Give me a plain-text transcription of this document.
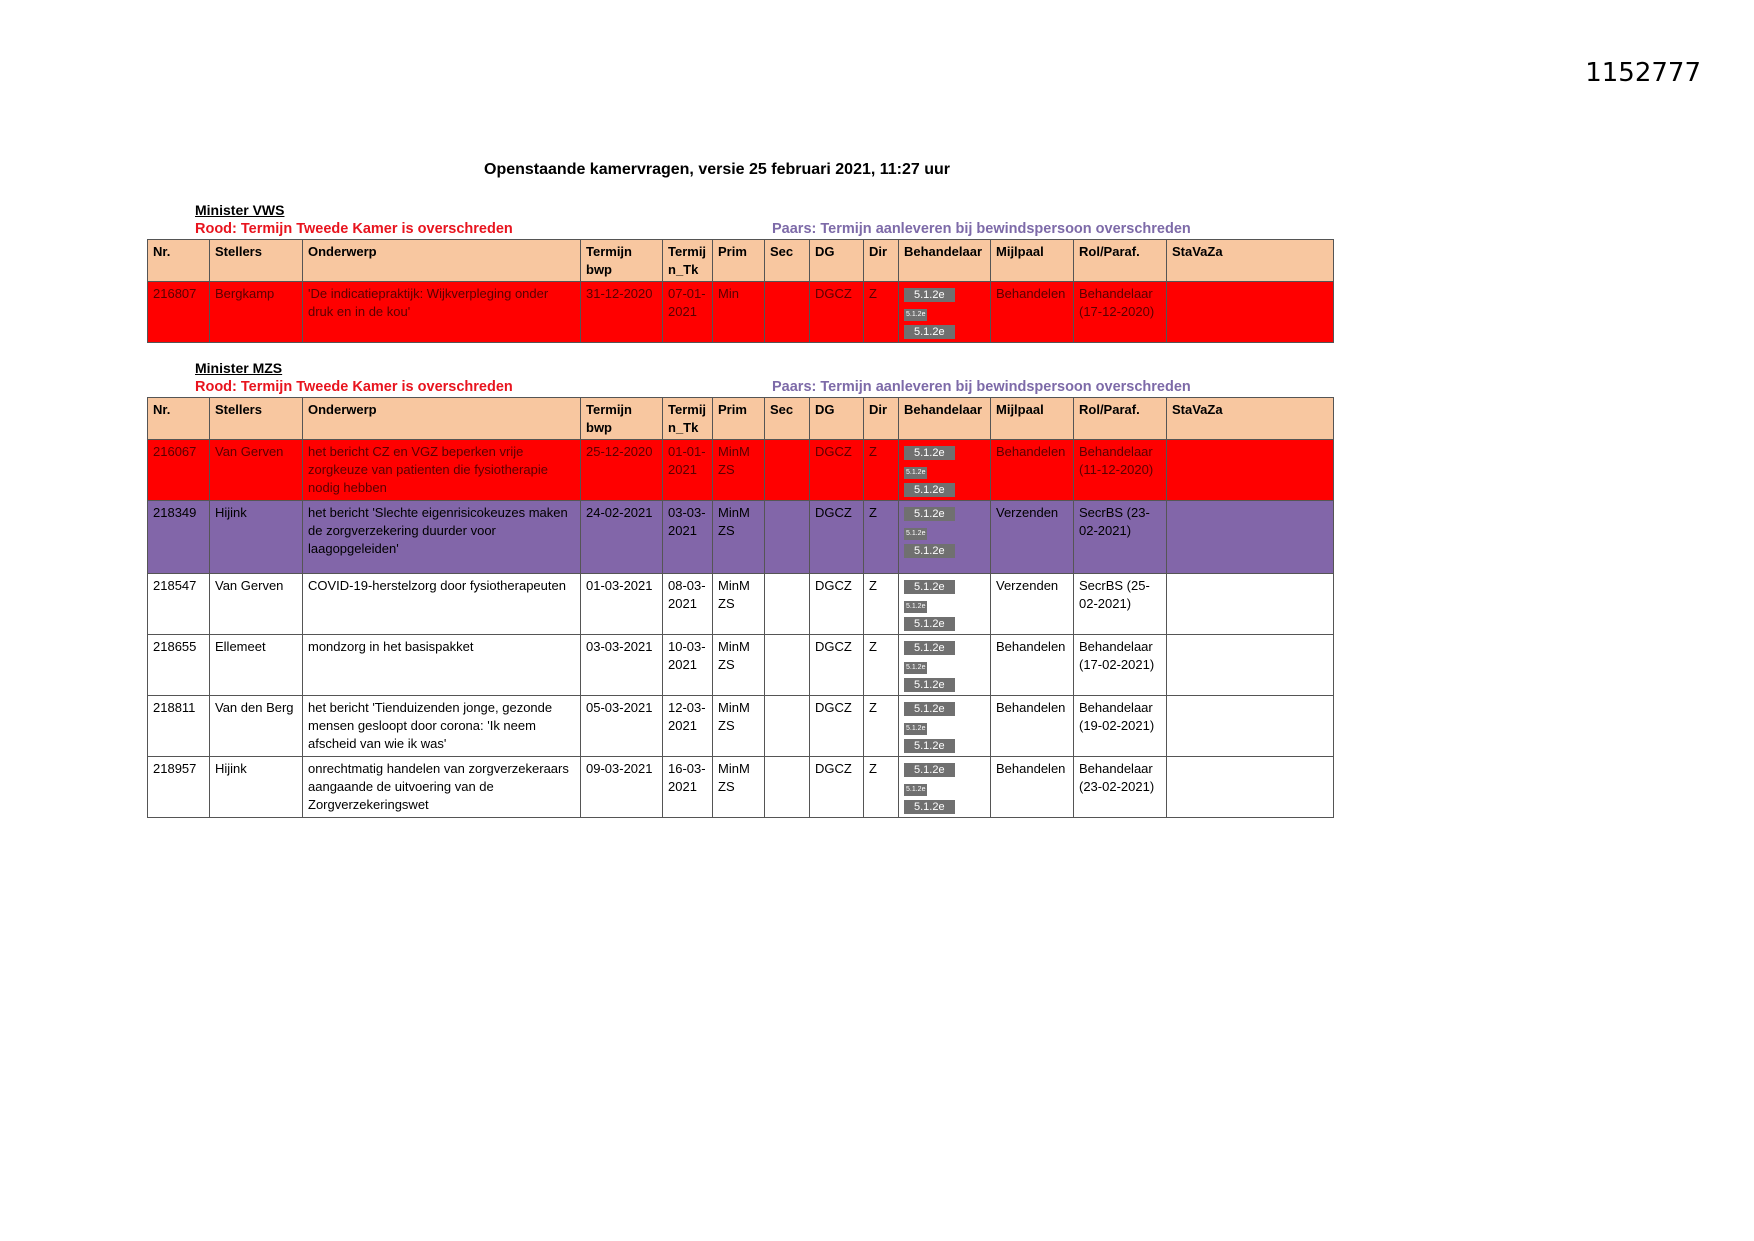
1152777
Openstaande kamervragen, versie 25 februari 2021, 11:27 uur
Minister VWS
Rood: Termijn Tweede Kamer is overschreden	Paars: Termijn aanleveren bij bewindspersoon overschreden
Nr.	Stellers	Onderwerp	Termijn bwp	Termij n_Tk	Prim	Sec	DG	Dir	Behandelaar	Mijlpaal	Rol/Paraf.	StaVaZa
216807	Bergkamp	'De indicatiepraktijk: Wijkverpleging onder druk en in de kou'	31-12-2020	07-01-2021	Min		DGCZ	Z	5.1.2e
5.1.2e
5.1.2e	Behandelen	Behandelaar (17-12-2020)	
Minister MZS
Rood: Termijn Tweede Kamer is overschreden	Paars: Termijn aanleveren bij bewindspersoon overschreden
Nr.	Stellers	Onderwerp	Termijn bwp	Termij n_Tk	Prim	Sec	DG	Dir	Behandelaar	Mijlpaal	Rol/Paraf.	StaVaZa
216067	Van Gerven	het bericht CZ en VGZ beperken vrije zorgkeuze van patienten die fysiotherapie nodig hebben	25-12-2020	01-01-2021	MinM ZS		DGCZ	Z	5.1.2e
5.1.2e
5.1.2e	Behandelen	Behandelaar (11-12-2020)	
218349	Hijink	het bericht 'Slechte eigenrisicokeuzes maken de zorgverzekering duurder voor laagopgeleiden'	24-02-2021	03-03-2021	MinM ZS		DGCZ	Z	5.1.2e
5.1.2e
5.1.2e	Verzenden	SecrBS (23-02-2021)	
218547	Van Gerven	COVID-19-herstelzorg door fysiotherapeuten	01-03-2021	08-03-2021	MinM ZS		DGCZ	Z	5.1.2e
5.1.2e
5.1.2e	Verzenden	SecrBS (25-02-2021)	
218655	Ellemeet	mondzorg in het basispakket	03-03-2021	10-03-2021	MinM ZS		DGCZ	Z	5.1.2e
5.1.2e
5.1.2e	Behandelen	Behandelaar (17-02-2021)	
218811	Van den Berg	het bericht 'Tienduizenden jonge, gezonde mensen gesloopt door corona: 'Ik neem afscheid van wie ik was'	05-03-2021	12-03-2021	MinM ZS		DGCZ	Z	5.1.2e
5.1.2e
5.1.2e	Behandelen	Behandelaar (19-02-2021)	
218957	Hijink	onrechtmatig handelen van zorgverzekeraars aangaande de uitvoering van de Zorgverzekeringswet	09-03-2021	16-03-2021	MinM ZS		DGCZ	Z	5.1.2e
5.1.2e
5.1.2e	Behandelen	Behandelaar (23-02-2021)	
